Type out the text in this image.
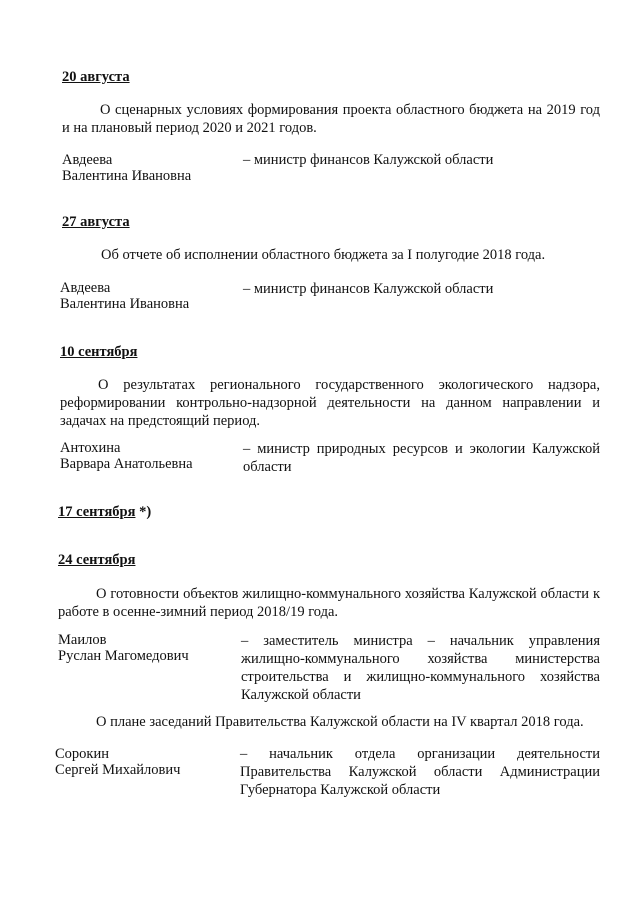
20 августа
О сценарных условиях формирования проекта областного бюджета на 2019 год и на плановый период 2020 и 2021 годов.
Авдеева
Валентина Ивановна
– министр финансов Калужской области
27 августа
Об отчете об исполнении областного бюджета за I полугодие 2018 года.
Авдеева
Валентина Ивановна
– министр финансов Калужской области
10 сентября
О результатах регионального государственного экологического надзора, реформировании контрольно-надзорной деятельности на данном направлении и задачах на предстоящий период.
Антохина
Варвара Анатольевна
– министр природных ресурсов и экологии Калужской области
17 сентября *)
24 сентября
О готовности объектов жилищно-коммунального хозяйства Калужской области к работе в осенне-зимний период 2018/19 года.
Маилов
Руслан Магомедович
– заместитель министра – начальник управления жилищно-коммунального хозяйства министерства строительства и жилищно-коммунального хозяйства Калужской области
О плане заседаний Правительства Калужской области на IV квартал 2018 года.
Сорокин
Сергей Михайлович
– начальник отдела организации деятельности Правительства Калужской области Администрации Губернатора Калужской области
